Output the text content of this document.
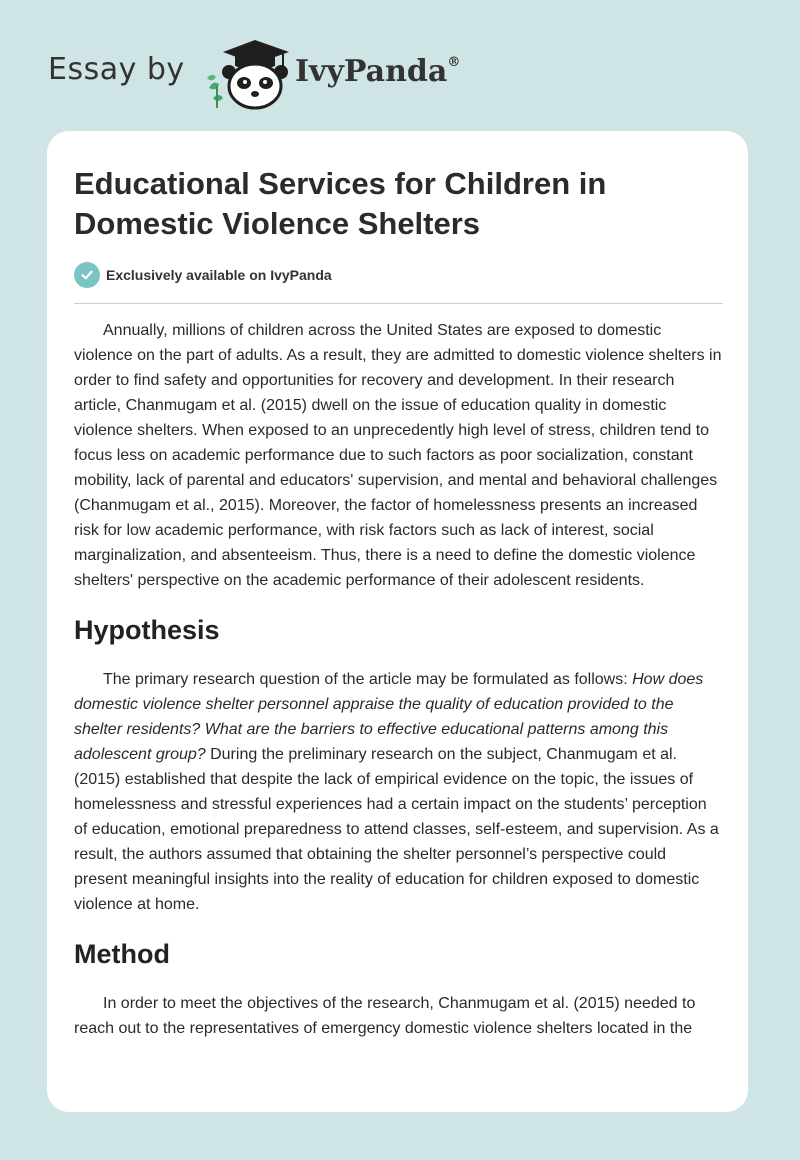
Essay by	IvyPanda®
Educational Services for Children in Domestic Violence Shelters
Exclusively available on IvyPanda

Annually, millions of children across the United States are exposed to domestic violence on the part of adults. As a result, they are admitted to domestic violence shelters in order to find safety and opportunities for recovery and development. In their research article, Chanmugam et al. (2015) dwell on the issue of education quality in domestic violence shelters. When exposed to an unprecedently high level of stress, children tend to focus less on academic performance due to such factors as poor socialization, constant mobility, lack of parental and educators' supervision, and mental and behavioral challenges (Chanmugam et al., 2015). Moreover, the factor of homelessness presents an increased risk for low academic performance, with risk factors such as lack of interest, social marginalization, and absenteeism. Thus, there is a need to define the domestic violence shelters' perspective on the academic performance of their adolescent residents.

Hypothesis

The primary research question of the article may be formulated as follows: How does domestic violence shelter personnel appraise the quality of education provided to the shelter residents? What are the barriers to effective educational patterns among this adolescent group? During the preliminary research on the subject, Chanmugam et al. (2015) established that despite the lack of empirical evidence on the topic, the issues of homelessness and stressful experiences had a certain impact on the students’ perception of education, emotional preparedness to attend classes, self-esteem, and supervision. As a result, the authors assumed that obtaining the shelter personnel’s perspective could present meaningful insights into the reality of education for children exposed to domestic violence at home.

Method

In order to meet the objectives of the research, Chanmugam et al. (2015) needed to reach out to the representatives of emergency domestic violence shelters located in the
